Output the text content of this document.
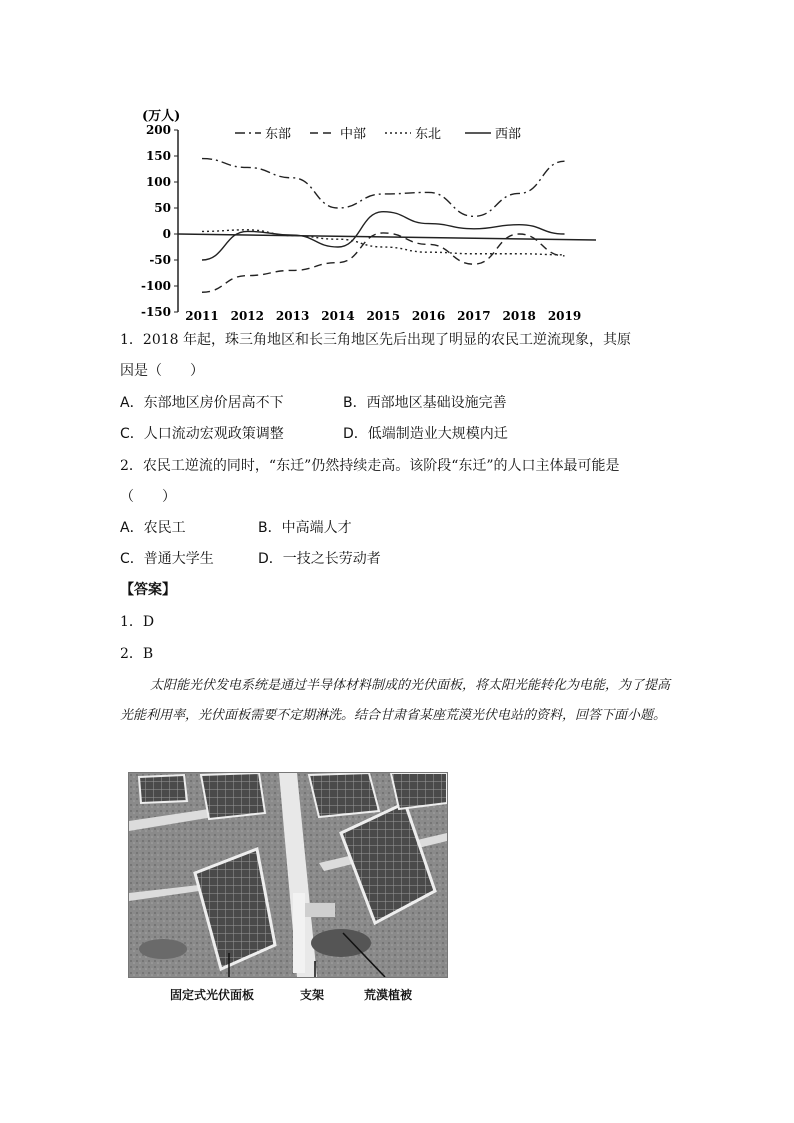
(万人)
200
150
100
50
0
-50
-100
-150 2011 2012 2013 2014 2015 2016 2017 2018 2019
东部	中部	东北	西部
1．2018 年起，珠三角地区和长三角地区先后出现了明显的农民工逆流现象，其原
因是（　　）
A．东部地区房价居高不下	B．西部地区基础设施完善
C．人口流动宏观政策调整	D．低端制造业大规模内迁
2．农民工逆流的同时，“东迁”仍然持续走高。该阶段“东迁”的人口主体最可能是
（　　）
A．农民工	B．中高端人才
C．普通大学生	D．一技之长劳动者
【答案】
1．D
2．B
太阳能光伏发电系统是通过半导体材料制成的光伏面板，将太阳光能转化为电能，为了提高光能利用率，光伏面板需要不定期淋洗。结合甘肃省某座荒漠光伏电站的资料，回答下面小题。
固定式光伏面板	支架	荒漠植被
